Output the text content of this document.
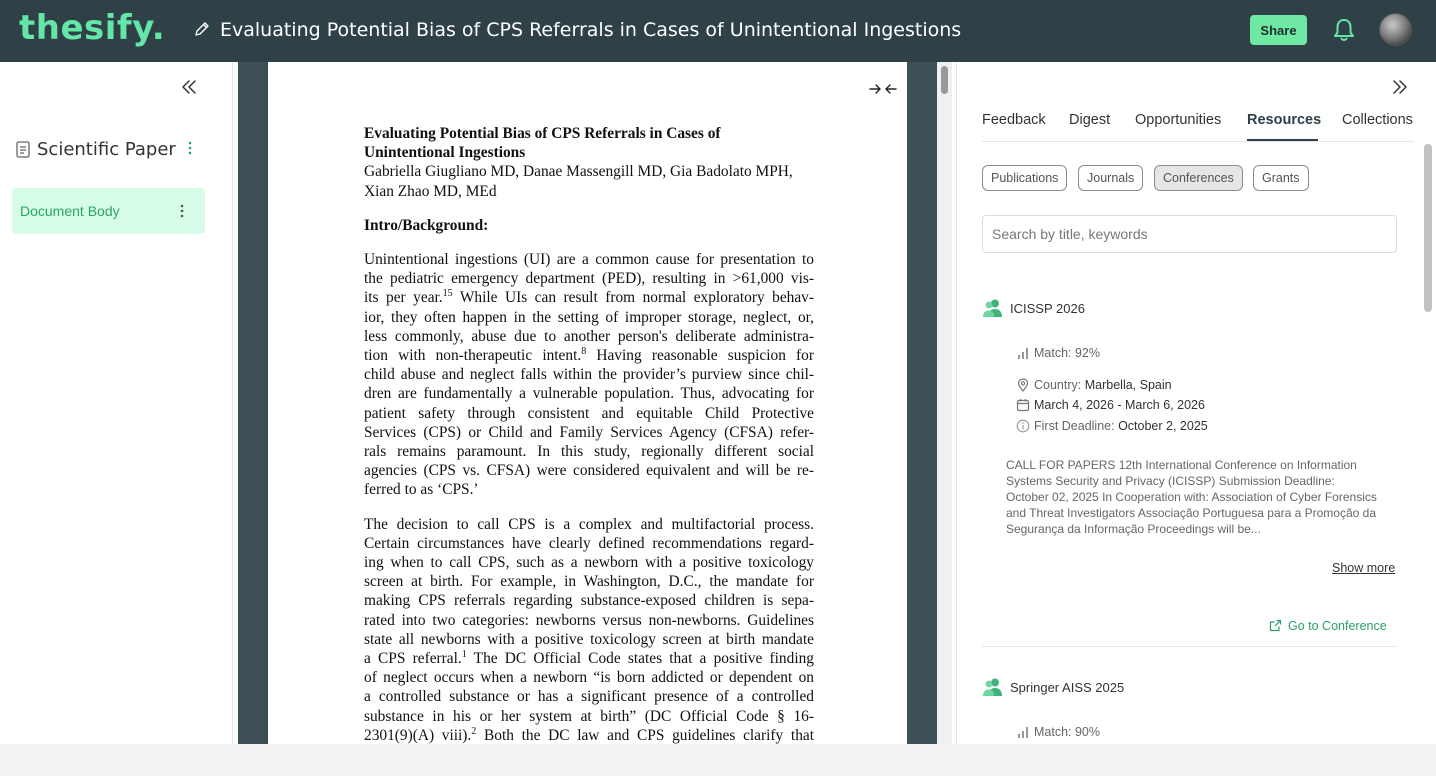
thesify.	Evaluating Potential Bias of CPS Referrals in Cases of Unintentional Ingestions	Share
Scientific Paper
Document Body
Evaluating Potential Bias of CPS Referrals in Cases of
Unintentional Ingestions
Gabriella Giugliano MD, Danae Massengill MD, Gia Badolato MPH,
Xian Zhao MD, MEd
Intro/Background:

Unintentional ingestions (UI) are a common cause for presentation to
the pediatric emergency department (PED), resulting in >61,000 vis-
its per year.$^{15}$ While UIs can result from normal exploratory behav-
ior, they often happen in the setting of improper storage, neglect, or,
less commonly, abuse due to another person's deliberate administra-
tion with non-therapeutic intent.$^8$ Having reasonable suspicion for
child abuse and neglect falls within the provider’s purview since chil-
dren are fundamentally a vulnerable population. Thus, advocating for
patient safety through consistent and equitable Child Protective
Services (CPS) or Child and Family Services Agency (CFSA) refer-
rals remains paramount. In this study, regionally different social
agencies (CPS vs. CFSA) were considered equivalent and will be re-
ferred to as ‘CPS.’

The decision to call CPS is a complex and multifactorial process.
Certain circumstances have clearly defined recommendations regard-
ing when to call CPS, such as a newborn with a positive toxicology
screen at birth. For example, in Washington, D.C., the mandate for
making CPS referrals regarding substance-exposed children is sepa-
rated into two categories: newborns versus non-newborns. Guidelines
state all newborns with a positive toxicology screen at birth mandate
a CPS referral.$^1$ The DC Official Code states that a positive finding
of neglect occurs when a newborn “is born addicted or dependent on
a controlled substance or has a significant presence of a controlled
substance in his or her system at birth” (DC Official Code § 16-
2301(9)(A) viii).$^2$ Both the DC law and CPS guidelines clarify that

Feedback Digest Opportunities Resources Collections
Publications	Journals	Conferences	Grants
Search by title, keywords
ICISSP 2026
Match: 92%
Country: Marbella, Spain
March 4, 2026 - March 6, 2026
First Deadline: October 2, 2025
CALL FOR PAPERS 12th International Conference on Information Systems Security and Privacy (ICISSP) Submission Deadline: October 02, 2025 In Cooperation with: Association of Cyber Forensics and Threat Investigators Associação Portuguesa para a Promoção da Segurança da Informação Proceedings will be...
Show more
Go to Conference
Springer AISS 2025
Match: 90%
